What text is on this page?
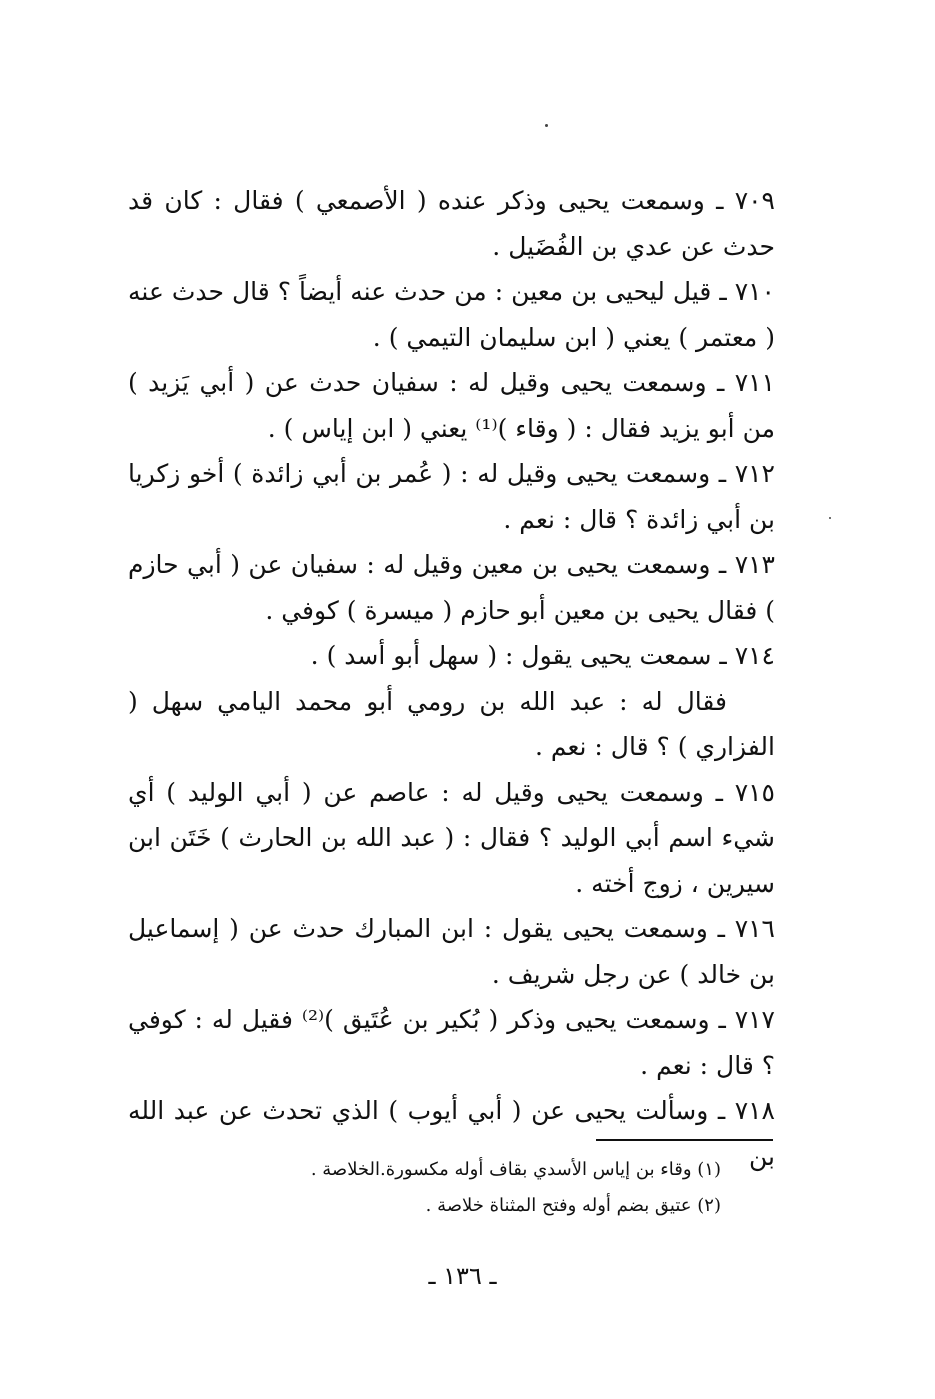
٧٠٩ ـ وسمعت يحيى وذكر عنده ( الأصمعي ) فقال : كان قد حدث عن عدي بن الفُضَيل .

٧١٠ ـ قيل ليحيى بن معين : من حدث عنه أيضاً ؟ قال حدث عنه ( معتمر ) يعني ( ابن سليمان التيمي ) .

٧١١ ـ وسمعت يحيى وقيل له : سفيان حدث عن ( أبي يَزيد ) من أبو يزيد فقال : ( وقاء )⁽¹⁾ يعني ( ابن إياس ) .

٧١٢ ـ وسمعت يحيى وقيل له : ( عُمر بن أبي زائدة ) أخو زكريا بن أبي زائدة ؟ قال : نعم .

٧١٣ ـ وسمعت يحيى بن معين وقيل له : سفيان عن ( أبي حازم ) فقال يحيى بن معين أبو حازم ( ميسرة ) كوفي .

٧١٤ ـ سمعت يحيى يقول : ( سهل أبو أسد ) .

فقال له : عبد الله بن رومي أبو محمد اليامي سهل ( الفزاري ) ؟ قال : نعم .

٧١٥ ـ وسمعت يحيى وقيل له : عاصم عن ( أبي الوليد ) أي شيء اسم أبي الوليد ؟ فقال : ( عبد الله بن الحارث ) خَتَن ابن سيرين ، زوج أخته .

٧١٦ ـ وسمعت يحيى يقول : ابن المبارك حدث عن ( إسماعيل بن خالد ) عن رجل شريف .

٧١٧ ـ وسمعت يحيى وذكر ( بُكير بن عُتَيق )⁽²⁾ فقيل له : كوفي ؟ قال : نعم .

٧١٨ ـ وسألت يحيى عن ( أبي أيوب ) الذي تحدث عن عبد الله بن

(١) وقاء بن إياس الأسدي بقاف أوله مكسورة.الخلاصة .

(٢) عتيق بضم أوله وفتح المثناة خلاصة .

ـ ١٣٦ ـ
